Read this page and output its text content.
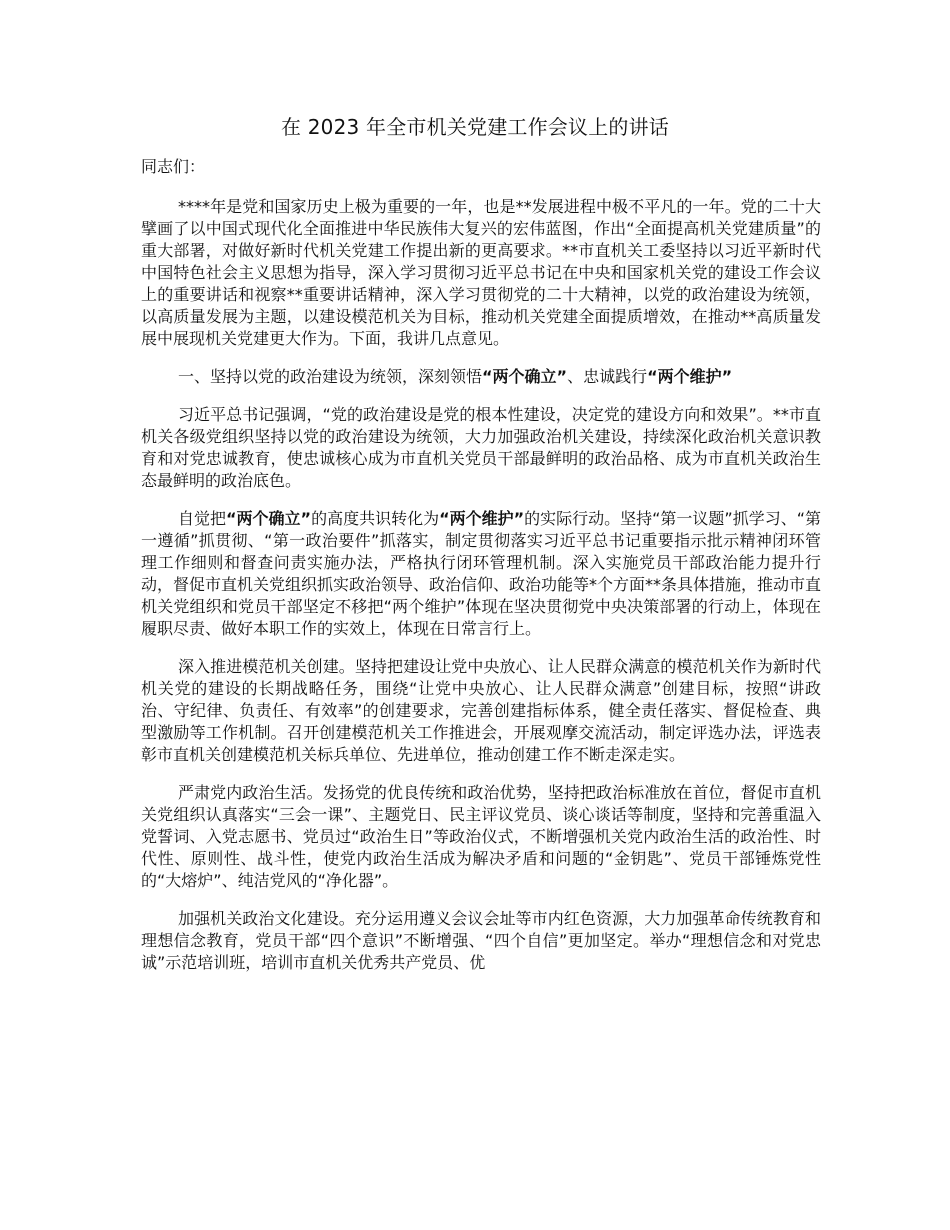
在 2023 年全市机关党建工作会议上的讲话

同志们：

****年是党和国家历史上极为重要的一年，也是**发展进程中极不平凡的一年。党的二十大擘画了以中国式现代化全面推进中华民族伟大复兴的宏伟蓝图，作出“全面提高机关党建质量”的重大部署，对做好新时代机关党建工作提出新的更高要求。**市直机关工委坚持以习近平新时代中国特色社会主义思想为指导，深入学习贯彻习近平总书记在中央和国家机关党的建设工作会议上的重要讲话和视察**重要讲话精神，深入学习贯彻党的二十大精神，以党的政治建设为统领，以高质量发展为主题，以建设模范机关为目标，推动机关党建全面提质增效，在推动**高质量发展中展现机关党建更大作为。下面，我讲几点意见。

一、坚持以党的政治建设为统领，深刻领悟“两个确立”、忠诚践行“两个维护”

习近平总书记强调，“党的政治建设是党的根本性建设，决定党的建设方向和效果”。**市直机关各级党组织坚持以党的政治建设为统领，大力加强政治机关建设，持续深化政治机关意识教育和对党忠诚教育，使忠诚核心成为市直机关党员干部最鲜明的政治品格、成为市直机关政治生态最鲜明的政治底色。

自觉把“两个确立”的高度共识转化为“两个维护”的实际行动。坚持“第一议题”抓学习、“第一遵循”抓贯彻、“第一政治要件”抓落实，制定贯彻落实习近平总书记重要指示批示精神闭环管理工作细则和督查问责实施办法，严格执行闭环管理机制。深入实施党员干部政治能力提升行动，督促市直机关党组织抓实政治领导、政治信仰、政治功能等*个方面**条具体措施，推动市直机关党组织和党员干部坚定不移把“两个维护”体现在坚决贯彻党中央决策部署的行动上，体现在履职尽责、做好本职工作的实效上，体现在日常言行上。

深入推进模范机关创建。坚持把建设让党中央放心、让人民群众满意的模范机关作为新时代机关党的建设的长期战略任务，围绕“让党中央放心、让人民群众满意”创建目标，按照“讲政治、守纪律、负责任、有效率”的创建要求，完善创建指标体系，健全责任落实、督促检查、典型激励等工作机制。召开创建模范机关工作推进会，开展观摩交流活动，制定评选办法，评选表彰市直机关创建模范机关标兵单位、先进单位，推动创建工作不断走深走实。

严肃党内政治生活。发扬党的优良传统和政治优势，坚持把政治标准放在首位，督促市直机关党组织认真落实“三会一课”、主题党日、民主评议党员、谈心谈话等制度，坚持和完善重温入党誓词、入党志愿书、党员过“政治生日”等政治仪式，不断增强机关党内政治生活的政治性、时代性、原则性、战斗性，使党内政治生活成为解决矛盾和问题的“金钥匙”、党员干部锤炼党性的“大熔炉”、纯洁党风的“净化器”。

加强机关政治文化建设。充分运用遵义会议会址等市内红色资源，大力加强革命传统教育和理想信念教育，党员干部“四个意识”不断增强、“四个自信”更加坚定。举办“理想信念和对党忠诚”示范培训班，培训市直机关优秀共产党员、优
